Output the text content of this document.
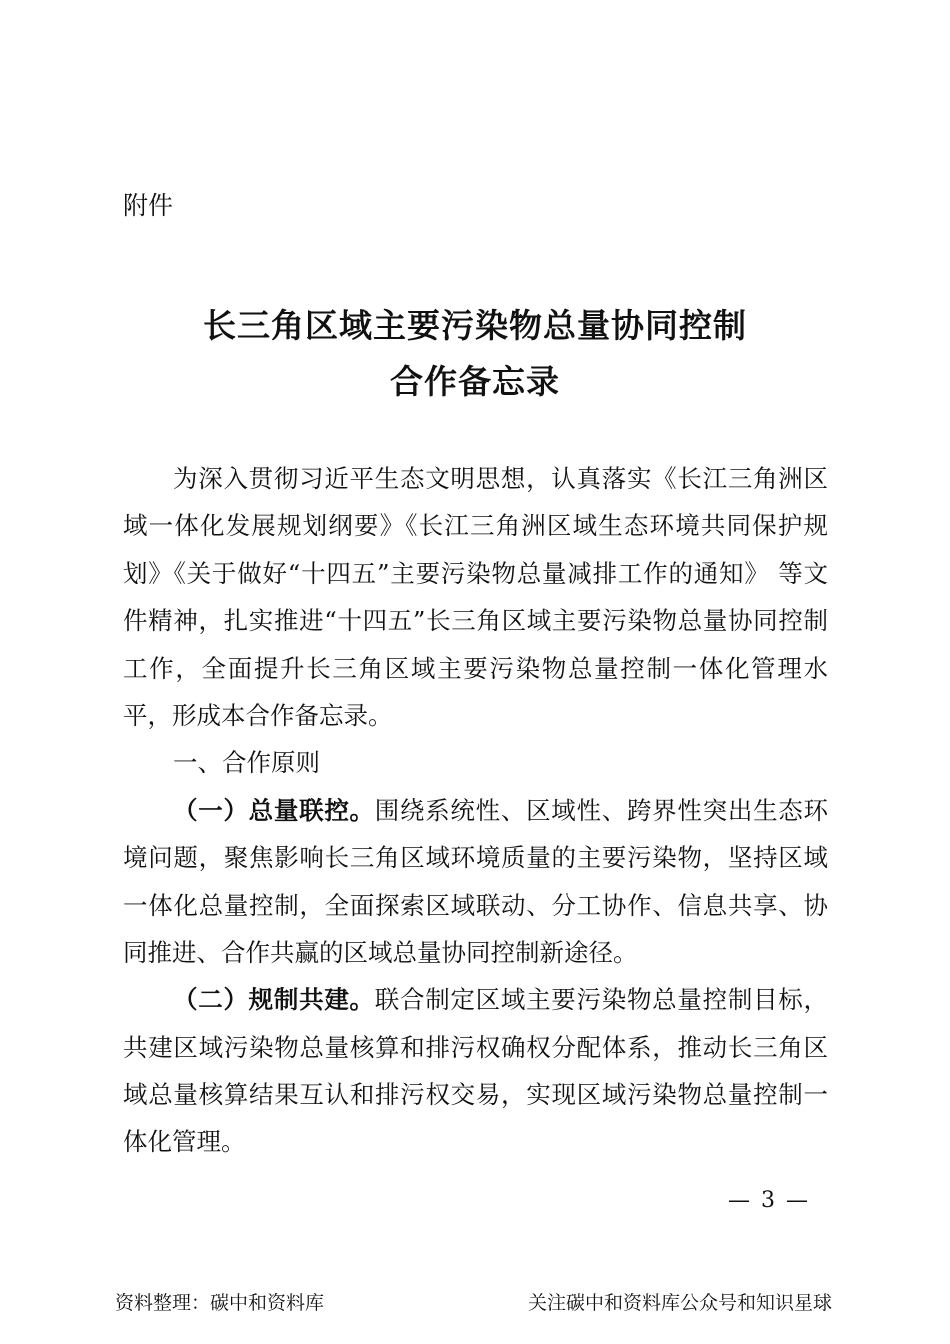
附件
长三角区域主要污染物总量协同控制
合作备忘录
为深入贯彻习近平生态文明思想，认真落实《长江三角洲区
域一体化发展规划纲要》《长江三角洲区域生态环境共同保护规
划》《关于做好“十四五”主要污染物总量减排工作的通知》 等文
件精神，扎实推进“十四五”长三角区域主要污染物总量协同控制
工作，全面提升长三角区域主要污染物总量控制一体化管理水
平，形成本合作备忘录。
一、合作原则
（一）总量联控。围绕系统性、区域性、跨界性突出生态环
境问题，聚焦影响长三角区域环境质量的主要污染物，坚持区域
一体化总量控制，全面探索区域联动、分工协作、信息共享、协
同推进、合作共赢的区域总量协同控制新途径。
（二）规制共建。联合制定区域主要污染物总量控制目标，
共建区域污染物总量核算和排污权确权分配体系，推动长三角区
域总量核算结果互认和排污权交易，实现区域污染物总量控制一
体化管理。
— 3 —
资料整理：碳中和资料库	关注碳中和资料库公众号和知识星球
